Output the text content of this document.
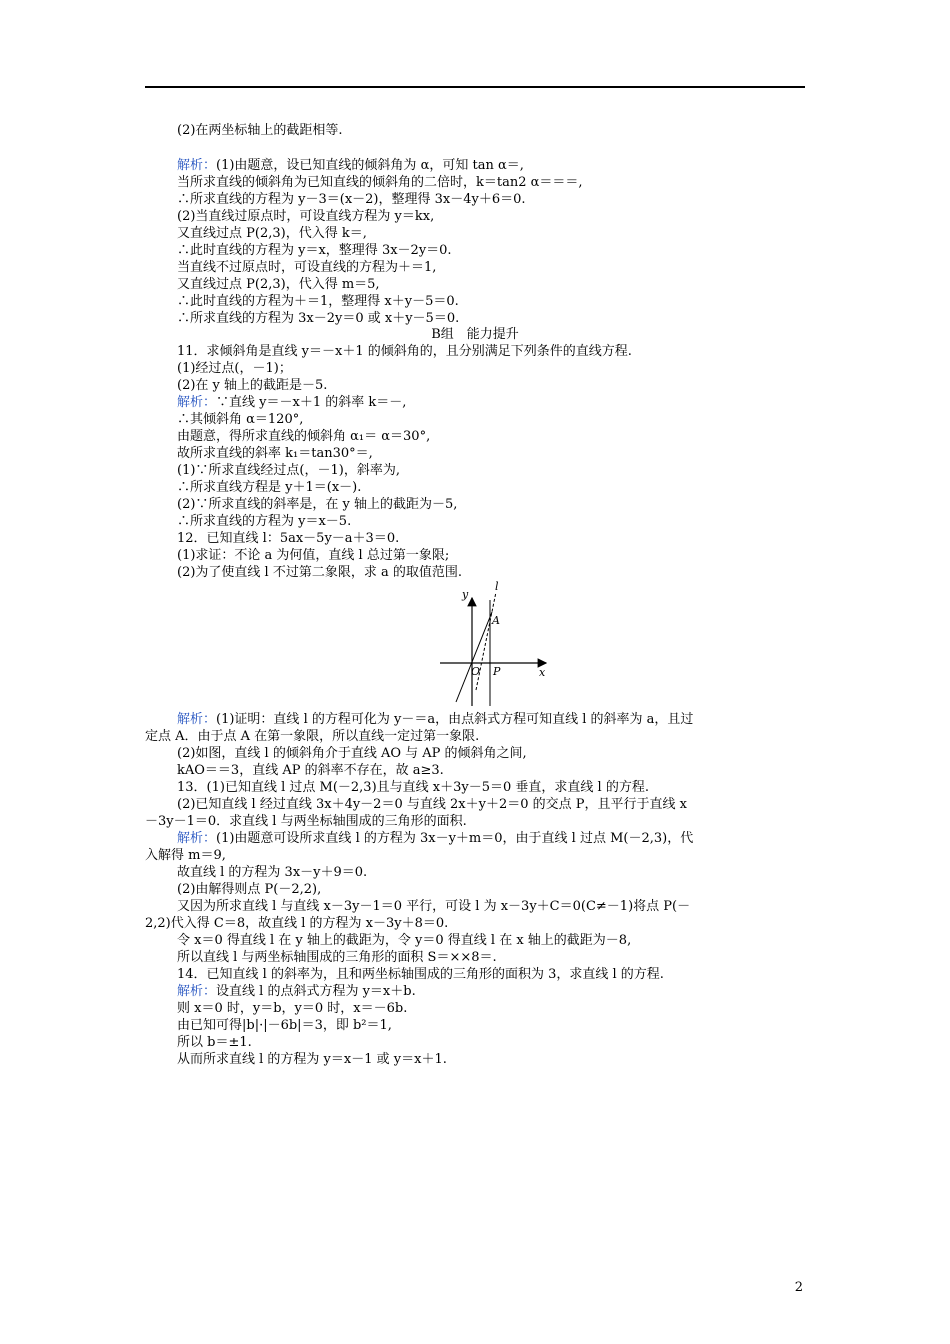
(2)在两坐标轴上的截距相等.
解析：(1)由题意，设已知直线的倾斜角为 α，可知 tan α＝,
当所求直线的倾斜角为已知直线的倾斜角的二倍时，k＝tan2 α＝＝＝,
∴所求直线的方程为 y－3＝(x－2)，整理得 3x－4y＋6＝0.
(2)当直线过原点时，可设直线方程为 y＝kx,
又直线过点 P(2,3)，代入得 k＝,
∴此时直线的方程为 y＝x，整理得 3x－2y＝0.
当直线不过原点时，可设直线的方程为＋＝1,
又直线过点 P(2,3)，代入得 m＝5,
∴此时直线的方程为＋＝1，整理得 x＋y－5＝0.
∴所求直线的方程为 3x－2y＝0 或 x＋y－5＝0.
B组　能力提升
11．求倾斜角是直线 y＝－x＋1 的倾斜角的，且分别满足下列条件的直线方程.
(1)经过点(，－1)；
(2)在 y 轴上的截距是－5.
解析：∵直线 y＝－x＋1 的斜率 k＝－,
∴其倾斜角 α＝120°,
由题意，得所求直线的倾斜角 α₁＝ α＝30°,
故所求直线的斜率 k₁＝tan30°＝,
(1)∵所求直线经过点(，－1)，斜率为,
∴所求直线方程是 y＋1＝(x－).
(2)∵所求直线的斜率是，在 y 轴上的截距为－5,
∴所求直线的方程为 y＝x－5.
12．已知直线 l：5ax－5y－a＋3＝0.
(1)求证：不论 a 为何值，直线 l 总过第一象限;
(2)为了使直线 l 不过第二象限，求 a 的取值范围.
y
x
l
A
O P
解析：(1)证明：直线 l 的方程可化为 y－＝a，由点斜式方程可知直线 l 的斜率为 a，且过
定点 A．由于点 A 在第一象限，所以直线一定过第一象限.
(2)如图，直线 l 的倾斜角介于直线 AO 与 AP 的倾斜角之间,
kAO＝＝3，直线 AP 的斜率不存在，故 a≥3.
13．(1)已知直线 l 过点 M(－2,3)且与直线 x＋3y－5＝0 垂直，求直线 l 的方程.
(2)已知直线 l 经过直线 3x＋4y－2＝0 与直线 2x＋y＋2＝0 的交点 P，且平行于直线 x
－3y－1＝0．求直线 l 与两坐标轴围成的三角形的面积.
解析：(1)由题意可设所求直线 l 的方程为 3x－y＋m＝0，由于直线 l 过点 M(－2,3)，代
入解得 m＝9,
故直线 l 的方程为 3x－y＋9＝0.
(2)由解得则点 P(－2,2),
又因为所求直线 l 与直线 x－3y－1＝0 平行，可设 l 为 x－3y＋C＝0(C≠－1)将点 P(－
2,2)代入得 C＝8，故直线 l 的方程为 x－3y＋8＝0.
令 x＝0 得直线 l 在 y 轴上的截距为，令 y＝0 得直线 l 在 x 轴上的截距为－8,
所以直线 l 与两坐标轴围成的三角形的面积 S＝××8＝.
14．已知直线 l 的斜率为，且和两坐标轴围成的三角形的面积为 3，求直线 l 的方程.
解析：设直线 l 的点斜式方程为 y＝x＋b.
则 x＝0 时，y＝b，y＝0 时，x＝－6b.
由已知可得|b|·|－6b|＝3，即 b²＝1,
所以 b＝±1.
从而所求直线 l 的方程为 y＝x－1 或 y＝x＋1.
2
